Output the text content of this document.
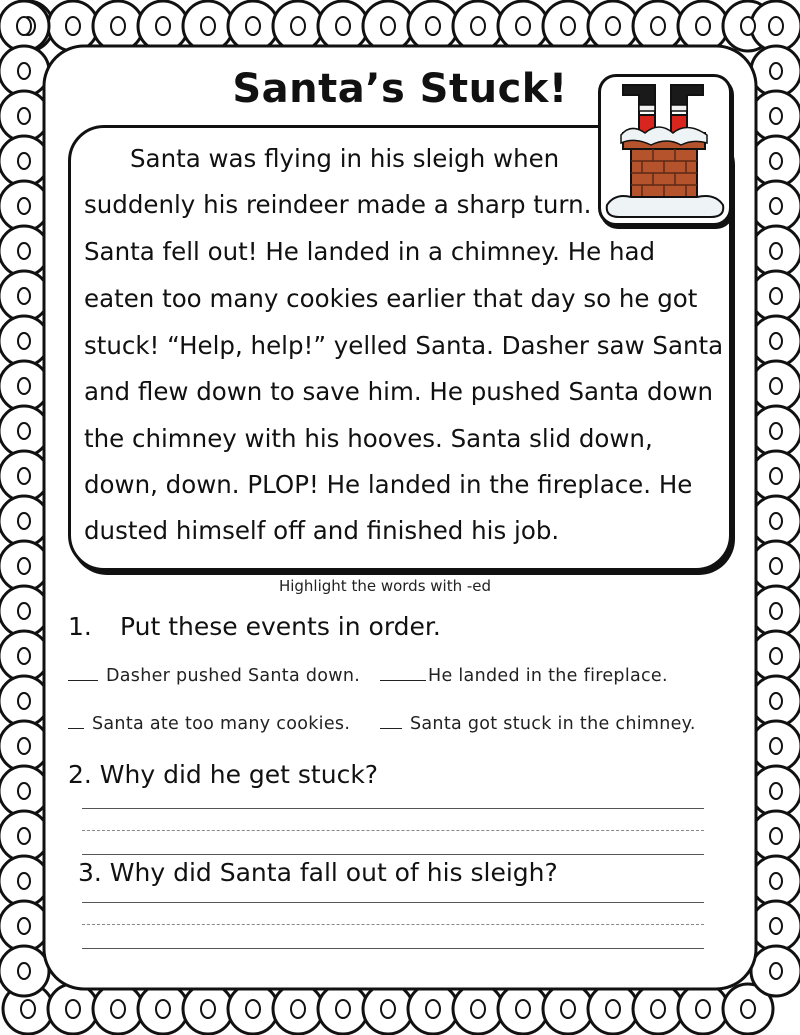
Santa’s Stuck!
Santa was flying in his sleigh when
suddenly his reindeer made a sharp turn.
Santa fell out! He landed in a chimney. He had
eaten too many cookies earlier that day so he got
stuck! “Help, help!” yelled Santa. Dasher saw Santa
and flew down to save him. He pushed Santa down
the chimney with his hooves. Santa slid down,
down, down. PLOP! He landed in the fireplace. He
dusted himself off and finished his job.
Highlight the words with -ed
1. Put these events in order.
Dasher pushed Santa down.	He landed in the fireplace.
Santa ate too many cookies.	Santa got stuck in the chimney.
2. Why did he get stuck?
3. Why did Santa fall out of his sleigh?
